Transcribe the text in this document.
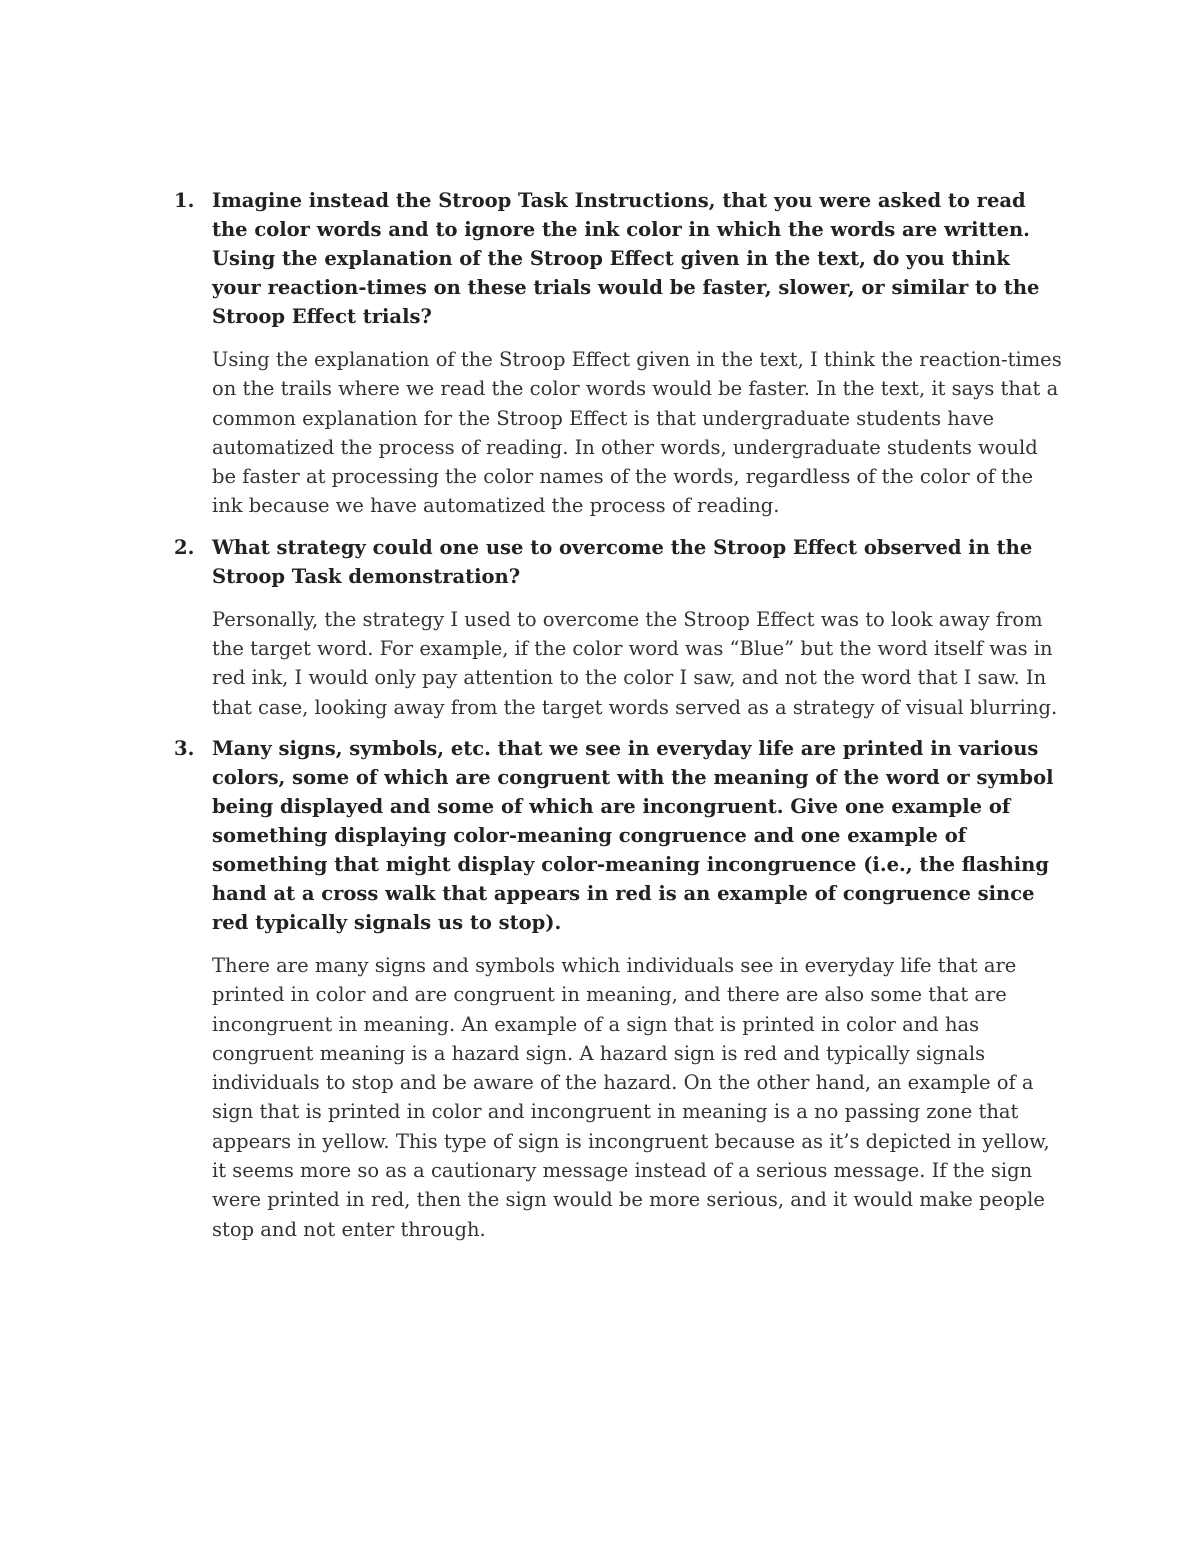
1. Imagine instead the Stroop Task Instructions, that you were asked to read the color words and to ignore the ink color in which the words are written. Using the explanation of the Stroop Effect given in the text, do you think your reaction-times on these trials would be faster, slower, or similar to the Stroop Effect trials?

Using the explanation of the Stroop Effect given in the text, I think the reaction-times on the trails where we read the color words would be faster. In the text, it says that a common explanation for the Stroop Effect is that undergraduate students have automatized the process of reading. In other words, undergraduate students would be faster at processing the color names of the words, regardless of the color of the ink because we have automatized the process of reading.

2. What strategy could one use to overcome the Stroop Effect observed in the Stroop Task demonstration?

Personally, the strategy I used to overcome the Stroop Effect was to look away from the target word. For example, if the color word was “Blue” but the word itself was in red ink, I would only pay attention to the color I saw, and not the word that I saw. In that case, looking away from the target words served as a strategy of visual blurring.

3. Many signs, symbols, etc. that we see in everyday life are printed in various colors, some of which are congruent with the meaning of the word or symbol being displayed and some of which are incongruent. Give one example of something displaying color-meaning congruence and one example of something that might display color-meaning incongruence (i.e., the flashing hand at a cross walk that appears in red is an example of congruence since red typically signals us to stop).

There are many signs and symbols which individuals see in everyday life that are printed in color and are congruent in meaning, and there are also some that are incongruent in meaning. An example of a sign that is printed in color and has congruent meaning is a hazard sign. A hazard sign is red and typically signals individuals to stop and be aware of the hazard. On the other hand, an example of a sign that is printed in color and incongruent in meaning is a no passing zone that appears in yellow. This type of sign is incongruent because as it’s depicted in yellow, it seems more so as a cautionary message instead of a serious message. If the sign were printed in red, then the sign would be more serious, and it would make people stop and not enter through.
